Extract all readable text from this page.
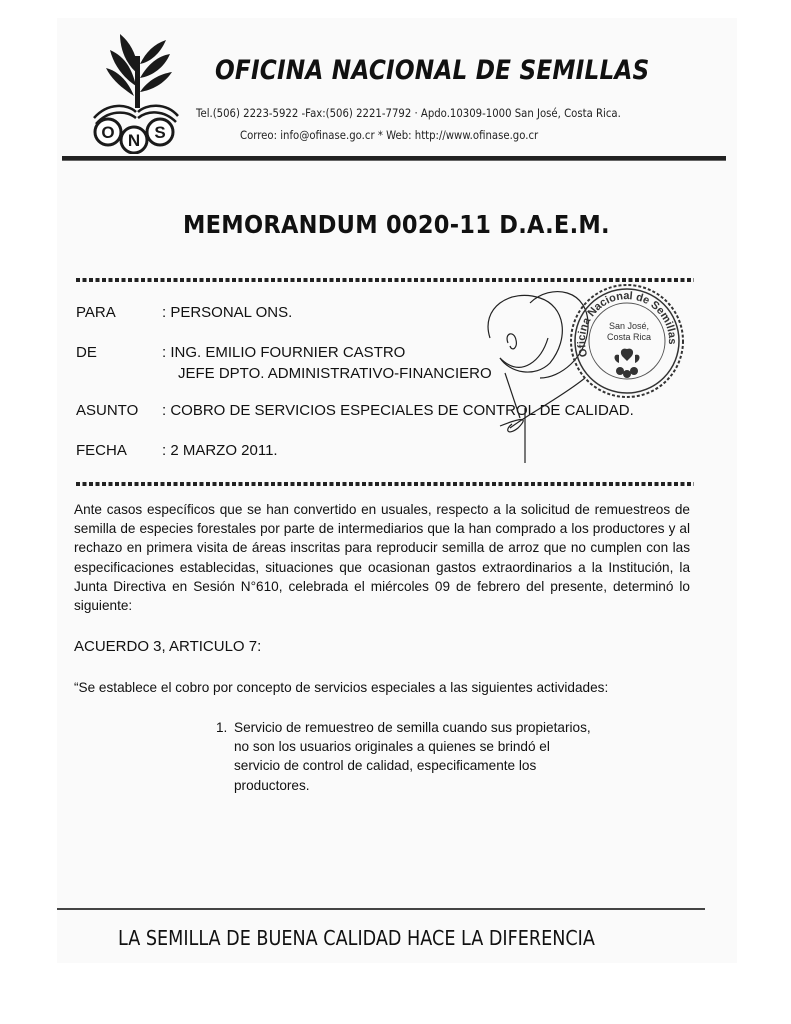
O N S
OFICINA NACIONAL DE SEMILLAS
Tel.(506) 2223-5922 -Fax:(506) 2221-7792 · Apdo.10309-1000 San José, Costa Rica.
Correo: info@ofinase.go.cr * Web: http://www.ofinase.go.cr
MEMORANDUM 0020-11 D.A.E.M.
PARA	: PERSONAL ONS.
DE	: ING. EMILIO FOURNIER CASTRO
JEFE DPTO. ADMINISTRATIVO-FINANCIERO
ASUNTO : COBRO DE SERVICIOS ESPECIALES DE CONTROL DE CALIDAD.
FECHA : 2 MARZO 2011.
Oficina Nacional de Semillas
San José,
Costa Rica
Ante casos específicos que se han convertido en usuales, respecto a la solicitud de remuestreos de semilla de especies forestales por parte de intermediarios que la han comprado a los productores y al rechazo en primera visita de áreas inscritas para reproducir semilla de arroz que no cumplen con las especificaciones establecidas, situaciones que ocasionan gastos extraordinarios a la Institución, la Junta Directiva en Sesión N°610, celebrada el miércoles 09 de febrero del presente, determinó lo siguiente:
ACUERDO 3, ARTICULO 7:
“Se establece el cobro por concepto de servicios especiales a las siguientes actividades:
1. Servicio de remuestreo de semilla cuando sus propietarios, no son los usuarios originales a quienes se brindó el servicio de control de calidad, especificamente los productores.
LA SEMILLA DE BUENA CALIDAD HACE LA DIFERENCIA
